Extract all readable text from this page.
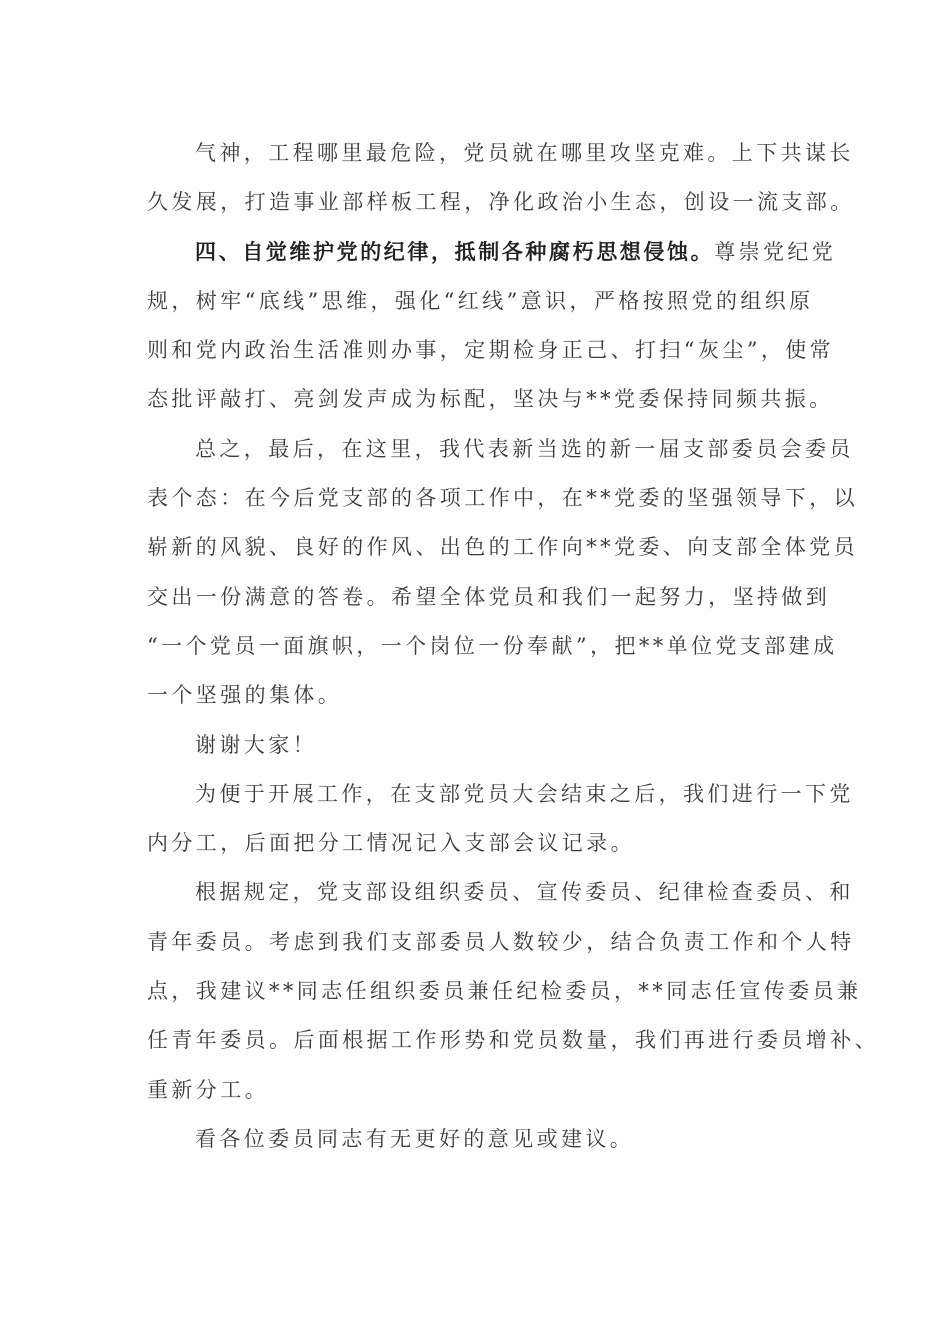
气神，工程哪里最危险，党员就在哪里攻坚克难。上下共谋长
久发展，打造事业部样板工程，净化政治小生态，创设一流支部。
四、自觉维护党的纪律，抵制各种腐朽思想侵蚀。尊崇党纪党
规，树牢“底线”思维，强化“红线”意识，严格按照党的组织原
则和党内政治生活准则办事，定期检身正己、打扫“灰尘”，使常
态批评敲打、亮剑发声成为标配，坚决与**党委保持同频共振。
总之，最后，在这里，我代表新当选的新一届支部委员会委员
表个态：在今后党支部的各项工作中，在**党委的坚强领导下，以
崭新的风貌、良好的作风、出色的工作向**党委、向支部全体党员
交出一份满意的答卷。希望全体党员和我们一起努力，坚持做到
“一个党员一面旗帜，一个岗位一份奉献”，把**单位党支部建成
一个坚强的集体。
谢谢大家！
为便于开展工作，在支部党员大会结束之后，我们进行一下党
内分工，后面把分工情况记入支部会议记录。
根据规定，党支部设组织委员、宣传委员、纪律检查委员、和
青年委员。考虑到我们支部委员人数较少，结合负责工作和个人特
点，我建议**同志任组织委员兼任纪检委员，**同志任宣传委员兼
任青年委员。后面根据工作形势和党员数量，我们再进行委员增补、
重新分工。
看各位委员同志有无更好的意见或建议。
